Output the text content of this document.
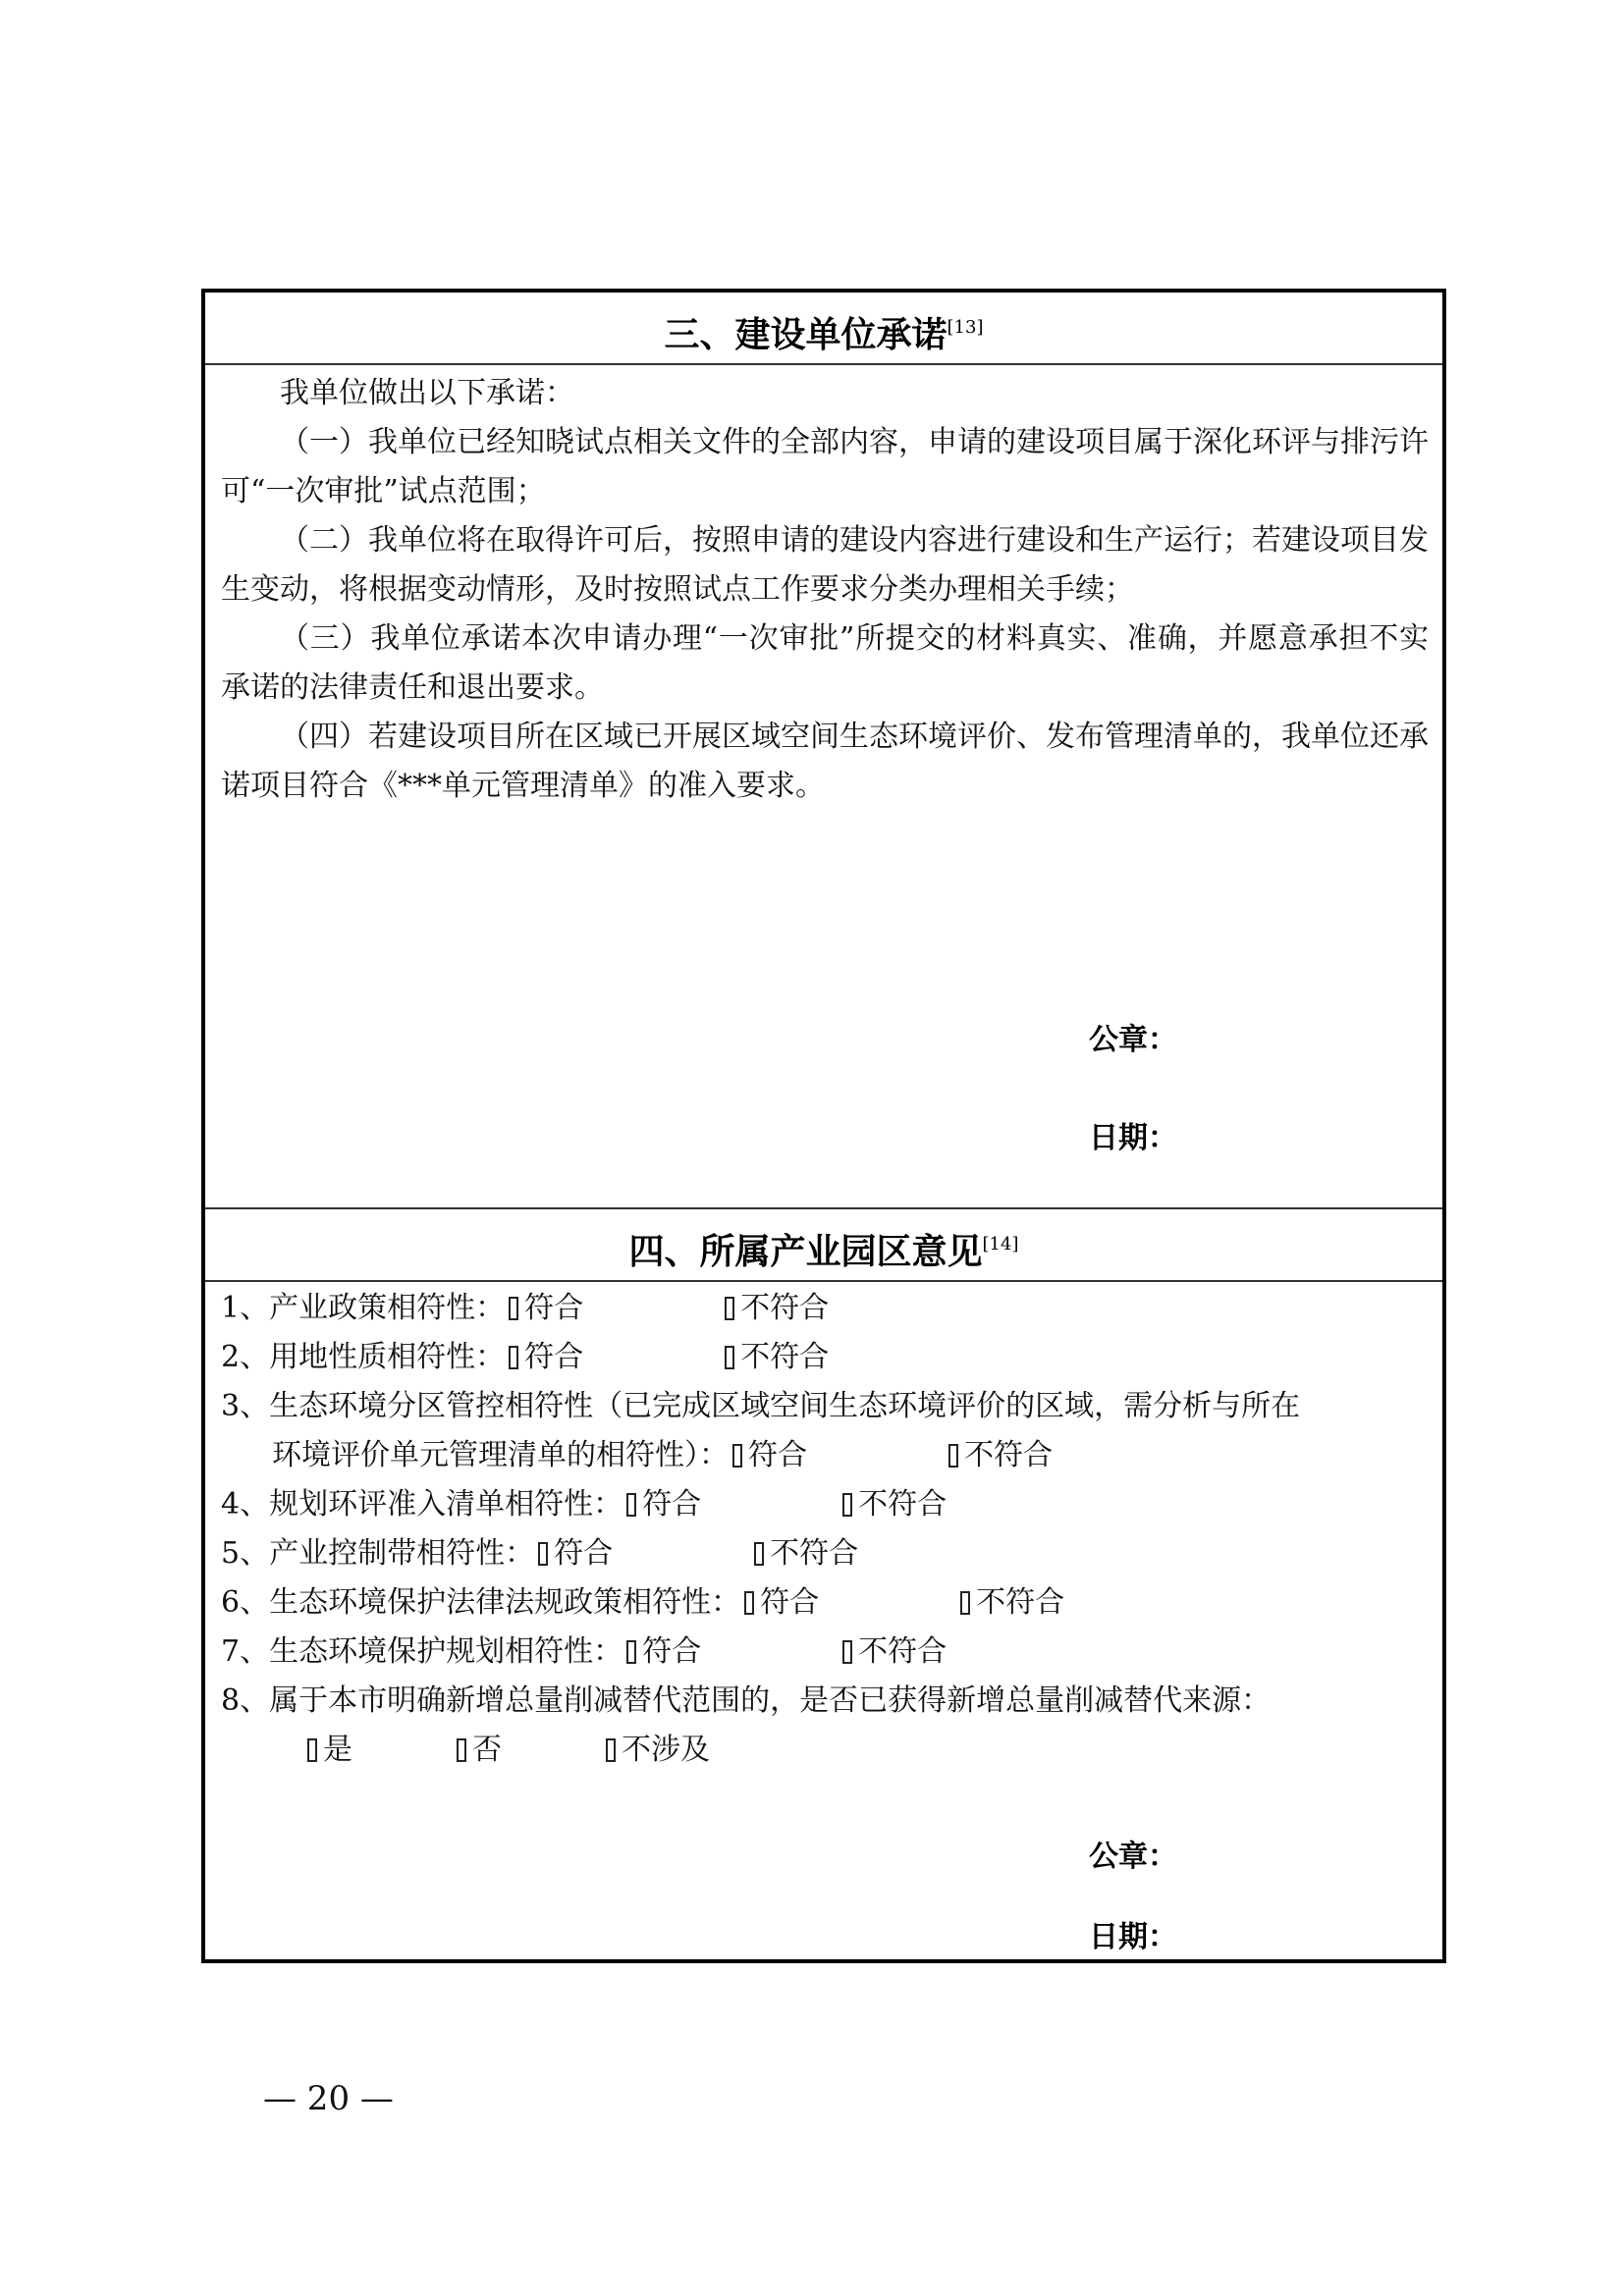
三、建设单位承诺[13]
我单位做出以下承诺：
（一）我单位已经知晓试点相关文件的全部内容，申请的建设项目属于深化环评与排污许可“一次审批”试点范围；
（二）我单位将在取得许可后，按照申请的建设内容进行建设和生产运行；若建设项目发生变动，将根据变动情形，及时按照试点工作要求分类办理相关手续；
（三）我单位承诺本次申请办理“一次审批”所提交的材料真实、准确，并愿意承担不实承诺的法律责任和退出要求。
（四）若建设项目所在区域已开展区域空间生态环境评价、发布管理清单的，我单位还承诺项目符合《***单元管理清单》的准入要求。
公章：
日期：
四、所属产业园区意见[14]
1、产业政策相符性： 符合	不符合
2、用地性质相符性： 符合	不符合
3、生态环境分区管控相符性（已完成区域空间生态环境评价的区域，需分析与所在
环境评价单元管理清单的相符性）： 符合	不符合
4、规划环评准入清单相符性： 符合	不符合
5、产业控制带相符性： 符合	不符合
6、生态环境保护法律法规政策相符性： 符合	不符合
7、生态环境保护规划相符性： 符合	不符合
8、属于本市明确新增总量削减替代范围的，是否已获得新增总量削减替代来源：
是	否	不涉及
公章：
日期：
— 20 —
